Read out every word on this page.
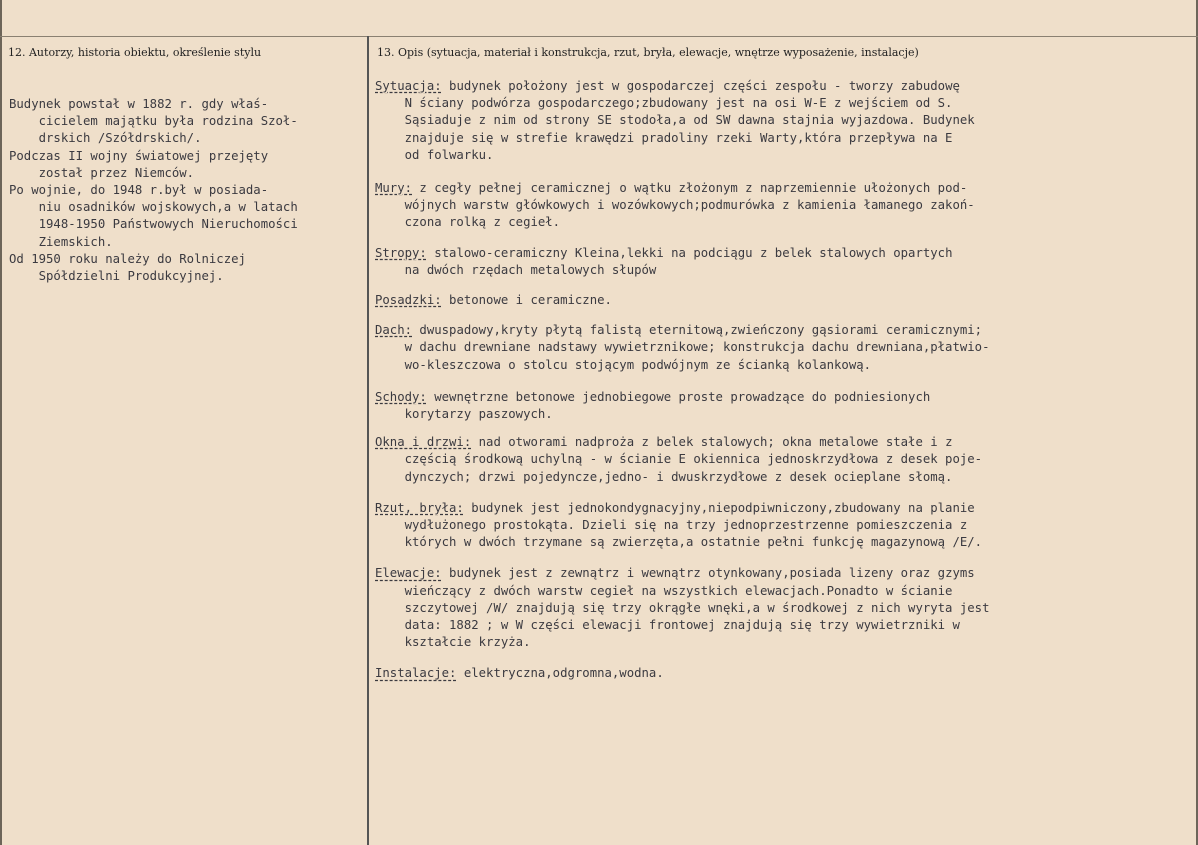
12. Autorzy, historia obiektu, określenie stylu	13. Opis (sytuacja, materiał i konstrukcja, rzut, bryła, elewacje, wnętrze wyposażenie, instalacje)
Budynek powstał w 1882 r. gdy właś-
cicielem majątku była rodzina Szoł-
drskich /Szółdrskich/.
Podczas II wojny światowej przejęty
został przez Niemców.
Po wojnie, do 1948 r.był w posiada-
niu osadników wojskowych,a w latach
1948-1950 Państwowych Nieruchomości
Ziemskich.
Od 1950 roku należy do Rolniczej
Spółdzielni Produkcyjnej.

Sytuacja: budynek położony jest w gospodarczej części zespołu - tworzy zabudowę
N ściany podwórza gospodarczego;zbudowany jest na osi W-E z wejściem od S.
Sąsiaduje z nim od strony SE stodoła,a od SW dawna stajnia wyjazdowa. Budynek
znajduje się w strefie krawędzi pradoliny rzeki Warty,która przepływa na E
od folwarku.

Mury: z cegły pełnej ceramicznej o wątku złożonym z naprzemiennie ułożonych pod-
wójnych warstw główkowych i wozówkowych;podmurówka z kamienia łamanego zakoń-
czona rolką z cegieł.

Stropy: stalowo-ceramiczny Kleina,lekki na podciągu z belek stalowych opartych
na dwóch rzędach metalowych słupów

Posadzki: betonowe i ceramiczne.

Dach: dwuspadowy,kryty płytą falistą eternitową,zwieńczony gąsiorami ceramicznymi;
w dachu drewniane nadstawy wywietrznikowe; konstrukcja dachu drewniana,płatwio-
wo-kleszczowa o stolcu stojącym podwójnym ze ścianką kolankową.

Schody: wewnętrzne betonowe jednobiegowe proste prowadzące do podniesionych
korytarzy paszowych.

Okna i drzwi: nad otworami nadproża z belek stalowych; okna metalowe stałe i z
częścią środkową uchylną - w ścianie E okiennica jednoskrzydłowa z desek poje-
dynczych; drzwi pojedyncze,jedno- i dwuskrzydłowe z desek ocieplane słomą.

Rzut, bryła: budynek jest jednokondygnacyjny,niepodpiwniczony,zbudowany na planie
wydłużonego prostokąta. Dzieli się na trzy jednoprzestrzenne pomieszczenia z
których w dwóch trzymane są zwierzęta,a ostatnie pełni funkcję magazynową /E/.

Elewacje: budynek jest z zewnątrz i wewnątrz otynkowany,posiada lizeny oraz gzyms
wieńczący z dwóch warstw cegieł na wszystkich elewacjach.Ponadto w ścianie
szczytowej /W/ znajdują się trzy okrągłe wnęki,a w środkowej z nich wyryta jest
data: 1882 ; w W części elewacji frontowej znajdują się trzy wywietrzniki w
kształcie krzyża.

Instalacje: elektryczna,odgromna,wodna.
